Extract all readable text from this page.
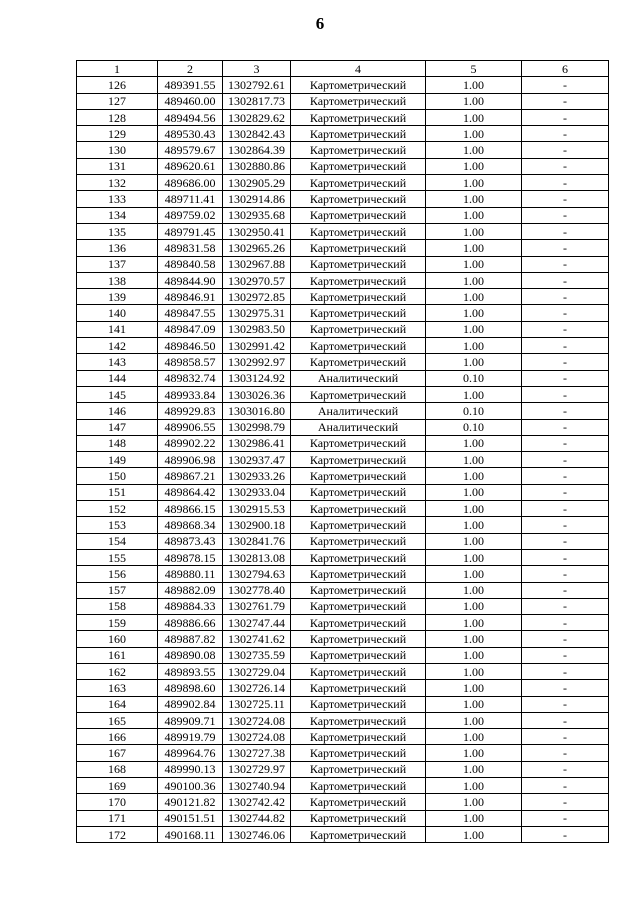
6
1	2	3	4	5	6
126	489391.55	1302792.61	Картометрический	1.00	-
127	489460.00	1302817.73	Картометрический	1.00	-
128	489494.56	1302829.62	Картометрический	1.00	-
129	489530.43	1302842.43	Картометрический	1.00	-
130	489579.67	1302864.39	Картометрический	1.00	-
131	489620.61	1302880.86	Картометрический	1.00	-
132	489686.00	1302905.29	Картометрический	1.00	-
133	489711.41	1302914.86	Картометрический	1.00	-
134	489759.02	1302935.68	Картометрический	1.00	-
135	489791.45	1302950.41	Картометрический	1.00	-
136	489831.58	1302965.26	Картометрический	1.00	-
137	489840.58	1302967.88	Картометрический	1.00	-
138	489844.90	1302970.57	Картометрический	1.00	-
139	489846.91	1302972.85	Картометрический	1.00	-
140	489847.55	1302975.31	Картометрический	1.00	-
141	489847.09	1302983.50	Картометрический	1.00	-
142	489846.50	1302991.42	Картометрический	1.00	-
143	489858.57	1302992.97	Картометрический	1.00	-
144	489832.74	1303124.92	Аналитический	0.10	-
145	489933.84	1303026.36	Картометрический	1.00	-
146	489929.83	1303016.80	Аналитический	0.10	-
147	489906.55	1302998.79	Аналитический	0.10	-
148	489902.22	1302986.41	Картометрический	1.00	-
149	489906.98	1302937.47	Картометрический	1.00	-
150	489867.21	1302933.26	Картометрический	1.00	-
151	489864.42	1302933.04	Картометрический	1.00	-
152	489866.15	1302915.53	Картометрический	1.00	-
153	489868.34	1302900.18	Картометрический	1.00	-
154	489873.43	1302841.76	Картометрический	1.00	-
155	489878.15	1302813.08	Картометрический	1.00	-
156	489880.11	1302794.63	Картометрический	1.00	-
157	489882.09	1302778.40	Картометрический	1.00	-
158	489884.33	1302761.79	Картометрический	1.00	-
159	489886.66	1302747.44	Картометрический	1.00	-
160	489887.82	1302741.62	Картометрический	1.00	-
161	489890.08	1302735.59	Картометрический	1.00	-
162	489893.55	1302729.04	Картометрический	1.00	-
163	489898.60	1302726.14	Картометрический	1.00	-
164	489902.84	1302725.11	Картометрический	1.00	-
165	489909.71	1302724.08	Картометрический	1.00	-
166	489919.79	1302724.08	Картометрический	1.00	-
167	489964.76	1302727.38	Картометрический	1.00	-
168	489990.13	1302729.97	Картометрический	1.00	-
169	490100.36	1302740.94	Картометрический	1.00	-
170	490121.82	1302742.42	Картометрический	1.00	-
171	490151.51	1302744.82	Картометрический	1.00	-
172	490168.11	1302746.06	Картометрический	1.00	-
